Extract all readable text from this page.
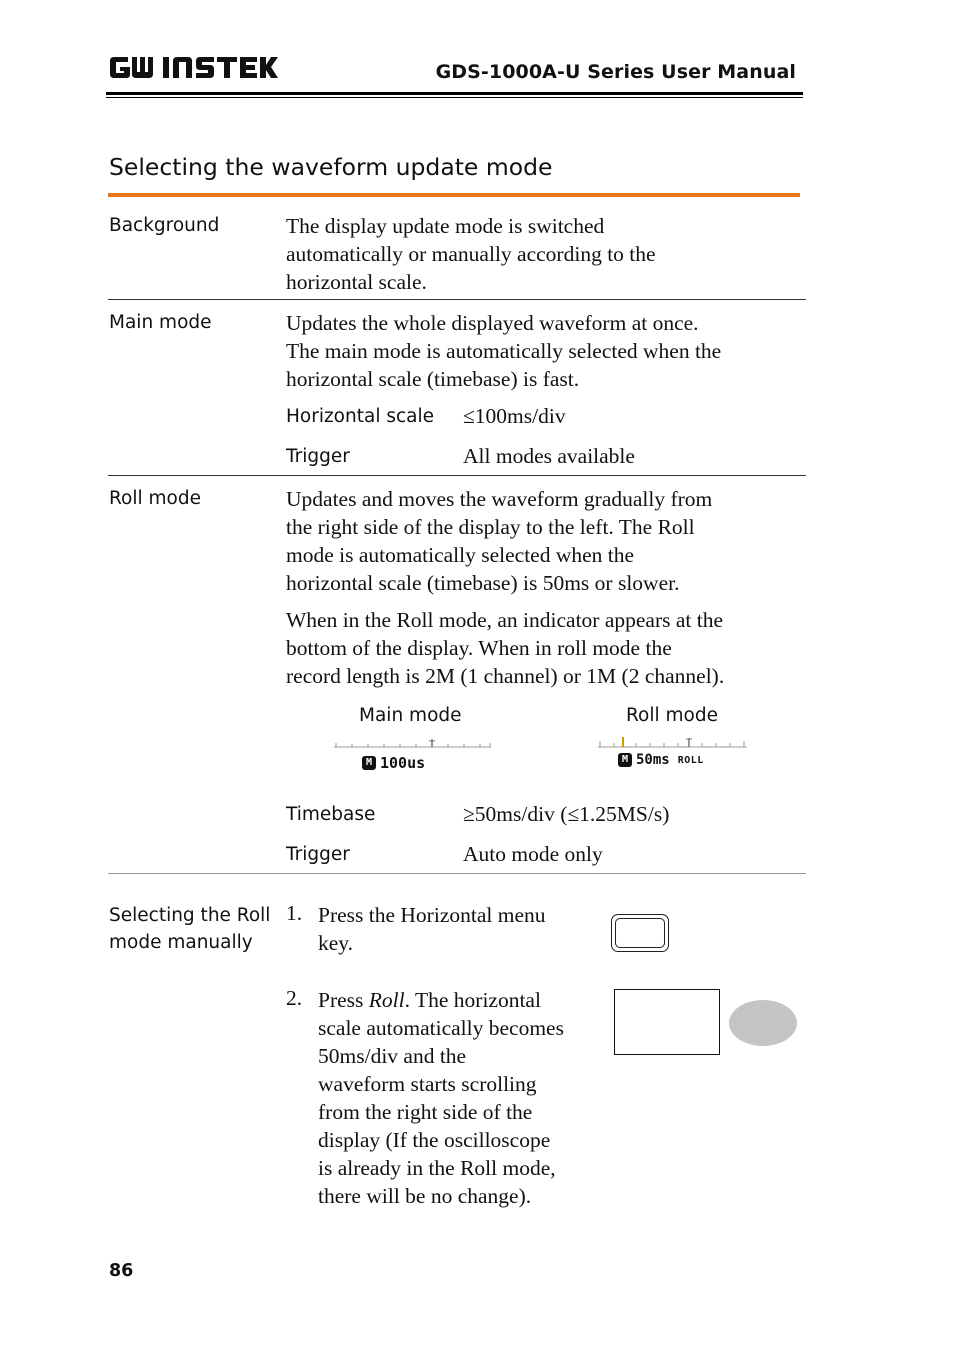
GDS-1000A-U Series User Manual
Selecting the waveform update mode
Background	The display update mode is switched
automatically or manually according to the
horizontal scale.
Main mode	Updates the whole displayed waveform at once.
The main mode is automatically selected when the
horizontal scale (timebase) is fast.
Horizontal scale ≤100ms/div
Trigger	All modes available
Roll mode	Updates and moves the waveform gradually from
the right side of the display to the left. The Roll
mode is automatically selected when the
horizontal scale (timebase) is 50ms or slower.
When in the Roll mode, an indicator appears at the
bottom of the display. When in roll mode the
record length is 2M (1 channel) or 1M (2 channel).
Main mode	Roll mode
M 100us	M 50ms ROLL
Timebase	≥50ms/div (≤1.25MS/s)
Trigger	Auto mode only
Selecting the Roll
mode manually
1. Press the Horizontal menu
key.
2. Press Roll. The horizontal
scale automatically becomes
50ms/div and the
waveform starts scrolling
from the right side of the
display (If the oscilloscope
is already in the Roll mode,
there will be no change).
86
